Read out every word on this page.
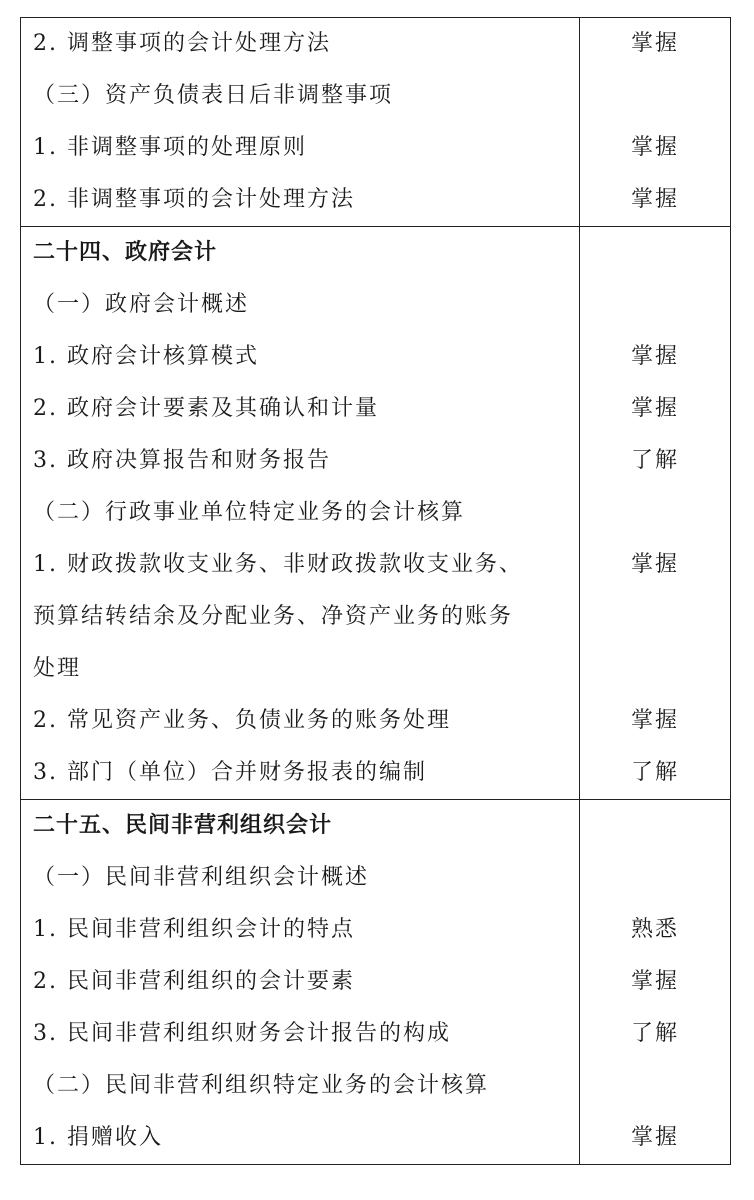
2. 调整事项的会计处理方法
（三）资产负债表日后非调整事项
1. 非调整事项的处理原则
2. 非调整事项的会计处理方法
掌握
掌握
掌握
二十四、政府会计
（一）政府会计概述
1. 政府会计核算模式
2. 政府会计要素及其确认和计量
3. 政府决算报告和财务报告
（二）行政事业单位特定业务的会计核算
1. 财政拨款收支业务、非财政拨款收支业务、
预算结转结余及分配业务、净资产业务的账务
处理
2. 常见资产业务、负债业务的账务处理
3. 部门（单位）合并财务报表的编制
掌握
掌握
了解
掌握
掌握
了解
二十五、民间非营利组织会计
（一）民间非营利组织会计概述
1. 民间非营利组织会计的特点
2. 民间非营利组织的会计要素
3. 民间非营利组织财务会计报告的构成
（二）民间非营利组织特定业务的会计核算
1. 捐赠收入
熟悉
掌握
了解
掌握
